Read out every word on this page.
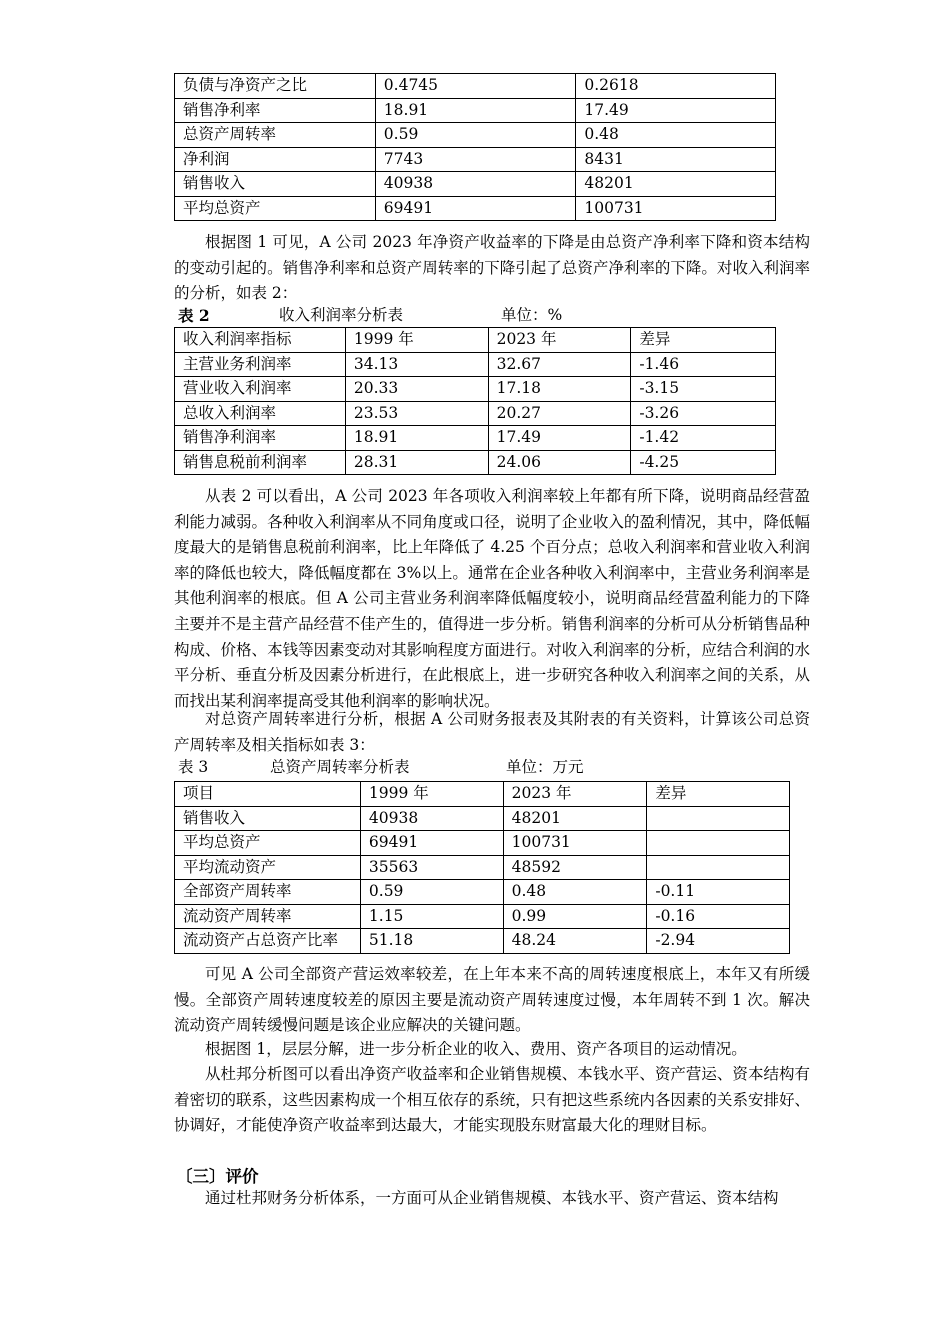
负债与净资产之比	0.4745	0.2618
销售净利率	18.91	17.49
总资产周转率	0.59	0.48
净利润	7743	8431
销售收入	40938	48201
平均总资产	69491	100731

根据图 1 可见，A 公司 2023 年净资产收益率的下降是由总资产净利率下降和资本结构的变动引起的。销售净利率和总资产周转率的下降引起了总资产净利率的下降。对收入利润率的分析，如表 2：

表 2	收入利润率分析表	单位：%
收入利润率指标	1999 年	2023 年	差异
主营业务利润率	34.13	32.67	-1.46
营业收入利润率	20.33	17.18	-3.15
总收入利润率	23.53	20.27	-3.26
销售净利润率	18.91	17.49	-1.42
销售息税前利润率	28.31	24.06	-4.25

从表 2 可以看出，A 公司 2023 年各项收入利润率较上年都有所下降，说明商品经营盈利能力减弱。各种收入利润率从不同角度或口径，说明了企业收入的盈利情况，其中，降低幅度最大的是销售息税前利润率，比上年降低了 4.25 个百分点；总收入利润率和营业收入利润率的降低也较大，降低幅度都在 3%以上。通常在企业各种收入利润率中，主营业务利润率是其他利润率的根底。但 A 公司主营业务利润率降低幅度较小，说明商品经营盈利能力的下降主要并不是主营产品经营不佳产生的，值得进一步分析。销售利润率的分析可从分析销售品种构成、价格、本钱等因素变动对其影响程度方面进行。对收入利润率的分析，应结合利润的水平分析、垂直分析及因素分析进行，在此根底上，进一步研究各种收入利润率之间的关系，从而找出某利润率提高受其他利润率的影响状况。

对总资产周转率进行分析，根据 A 公司财务报表及其附表的有关资料，计算该公司总资产周转率及相关指标如表 3：

表 3	总资产周转率分析表	单位：万元
项目	1999 年	2023 年	差异
销售收入	40938	48201	
平均总资产	69491	100731	
平均流动资产	35563	48592	
全部资产周转率	0.59	0.48	-0.11
流动资产周转率	1.15	0.99	-0.16
流动资产占总资产比率	51.18	48.24	-2.94

可见 A 公司全部资产营运效率较差，在上年本来不高的周转速度根底上，本年又有所缓慢。全部资产周转速度较差的原因主要是流动资产周转速度过慢，本年周转不到 1 次。解决流动资产周转缓慢问题是该企业应解决的关键问题。

根据图 1，层层分解，进一步分析企业的收入、费用、资产各项目的运动情况。

从杜邦分析图可以看出净资产收益率和企业销售规模、本钱水平、资产营运、资本结构有着密切的联系，这些因素构成一个相互依存的系统，只有把这些系统内各因素的关系安排好、协调好，才能使净资产收益率到达最大，才能实现股东财富最大化的理财目标。

〔三〕评价

通过杜邦财务分析体系，一方面可从企业销售规模、本钱水平、资产营运、资本结构
